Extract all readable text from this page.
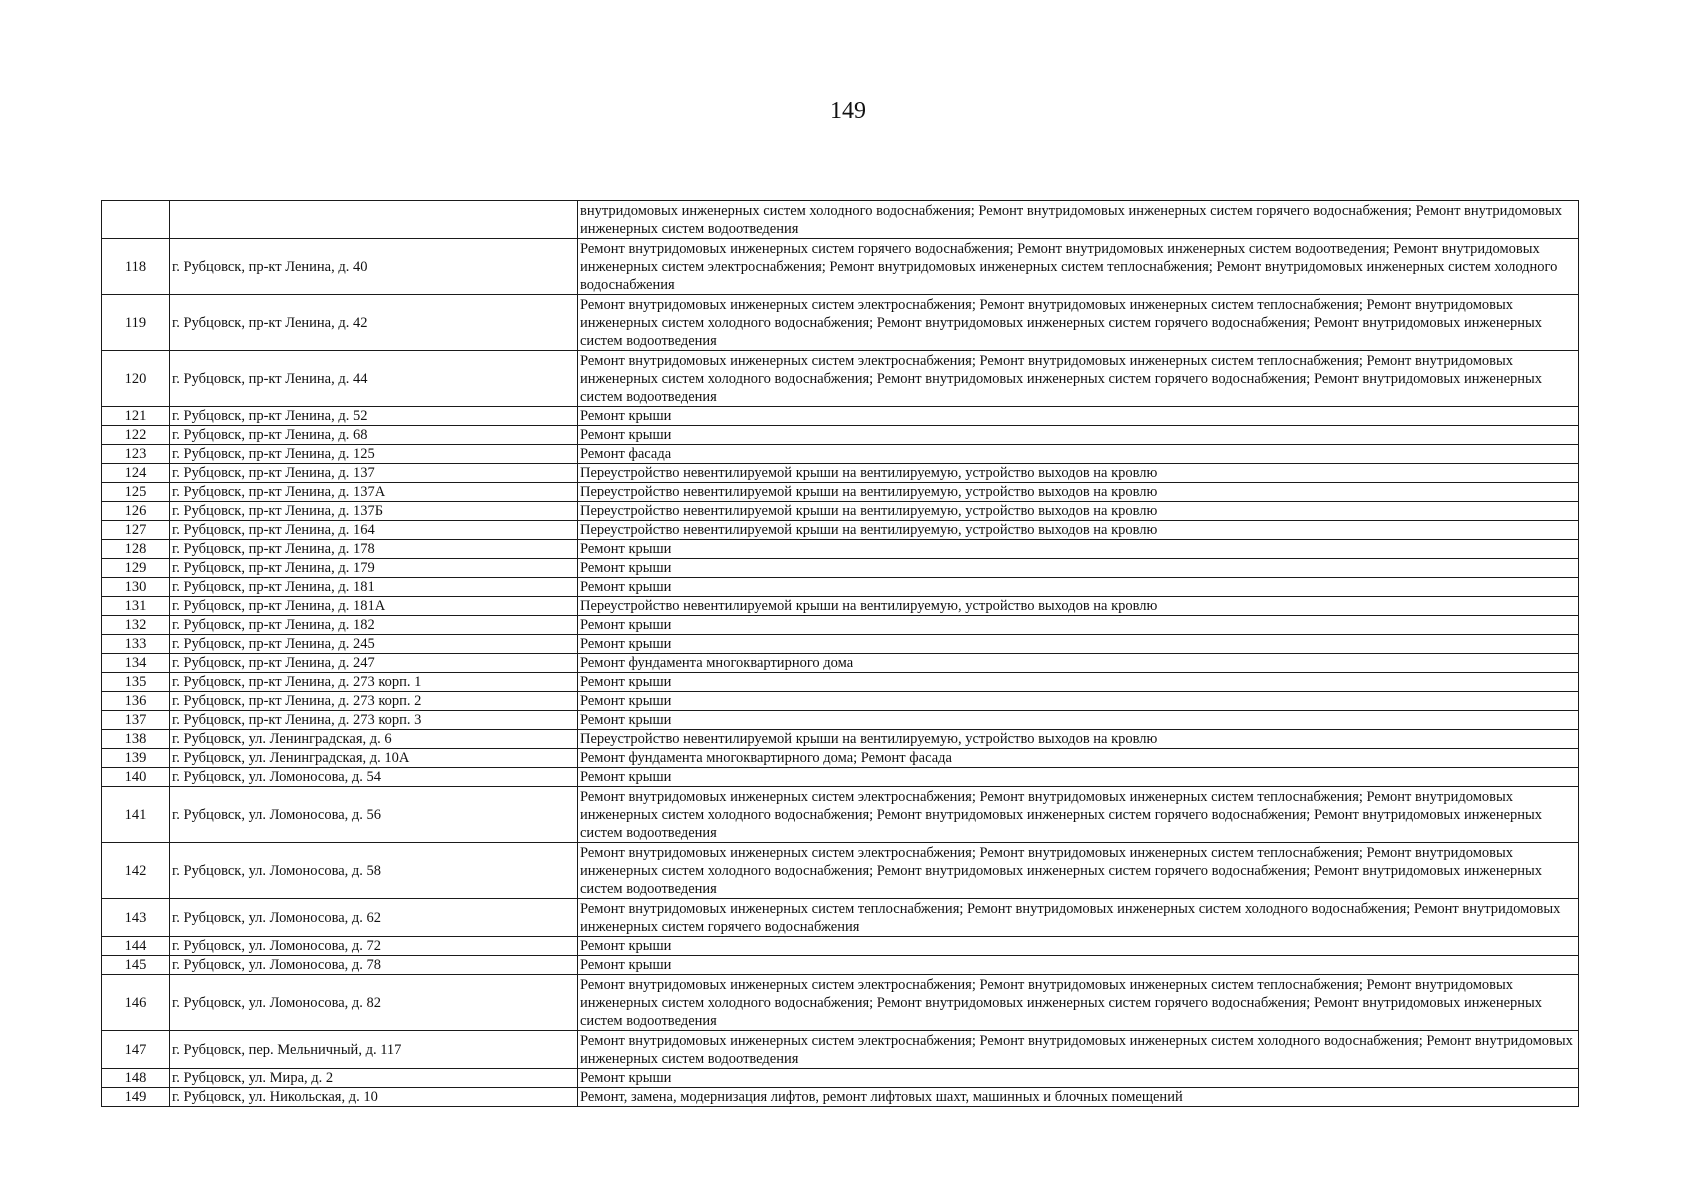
149
		внутридомовых инженерных систем холодного водоснабжения; Ремонт внутридомовых инженерных систем горячего водоснабжения; Ремонт внутридомовых инженерных систем водоотведения
118	г. Рубцовск, пр-кт Ленина, д. 40	Ремонт внутридомовых инженерных систем горячего водоснабжения; Ремонт внутридомовых инженерных систем водоотведения; Ремонт внутридомовых инженерных систем электроснабжения; Ремонт внутридомовых инженерных систем теплоснабжения; Ремонт внутридомовых инженерных систем холодного водоснабжения
119	г. Рубцовск, пр-кт Ленина, д. 42	Ремонт внутридомовых инженерных систем электроснабжения; Ремонт внутридомовых инженерных систем теплоснабжения; Ремонт внутридомовых инженерных систем холодного водоснабжения; Ремонт внутридомовых инженерных систем горячего водоснабжения; Ремонт внутридомовых инженерных систем водоотведения
120	г. Рубцовск, пр-кт Ленина, д. 44	Ремонт внутридомовых инженерных систем электроснабжения; Ремонт внутридомовых инженерных систем теплоснабжения; Ремонт внутридомовых инженерных систем холодного водоснабжения; Ремонт внутридомовых инженерных систем горячего водоснабжения; Ремонт внутридомовых инженерных систем водоотведения
121	г. Рубцовск, пр-кт Ленина, д. 52	Ремонт крыши
122	г. Рубцовск, пр-кт Ленина, д. 68	Ремонт крыши
123	г. Рубцовск, пр-кт Ленина, д. 125	Ремонт фасада
124	г. Рубцовск, пр-кт Ленина, д. 137	Переустройство невентилируемой крыши на вентилируемую, устройство выходов на кровлю
125	г. Рубцовск, пр-кт Ленина, д. 137А	Переустройство невентилируемой крыши на вентилируемую, устройство выходов на кровлю
126	г. Рубцовск, пр-кт Ленина, д. 137Б	Переустройство невентилируемой крыши на вентилируемую, устройство выходов на кровлю
127	г. Рубцовск, пр-кт Ленина, д. 164	Переустройство невентилируемой крыши на вентилируемую, устройство выходов на кровлю
128	г. Рубцовск, пр-кт Ленина, д. 178	Ремонт крыши
129	г. Рубцовск, пр-кт Ленина, д. 179	Ремонт крыши
130	г. Рубцовск, пр-кт Ленина, д. 181	Ремонт крыши
131	г. Рубцовск, пр-кт Ленина, д. 181А	Переустройство невентилируемой крыши на вентилируемую, устройство выходов на кровлю
132	г. Рубцовск, пр-кт Ленина, д. 182	Ремонт крыши
133	г. Рубцовск, пр-кт Ленина, д. 245	Ремонт крыши
134	г. Рубцовск, пр-кт Ленина, д. 247	Ремонт фундамента многоквартирного дома
135	г. Рубцовск, пр-кт Ленина, д. 273 корп. 1	Ремонт крыши
136	г. Рубцовск, пр-кт Ленина, д. 273 корп. 2	Ремонт крыши
137	г. Рубцовск, пр-кт Ленина, д. 273 корп. 3	Ремонт крыши
138	г. Рубцовск, ул. Ленинградская, д. 6	Переустройство невентилируемой крыши на вентилируемую, устройство выходов на кровлю
139	г. Рубцовск, ул. Ленинградская, д. 10А	Ремонт фундамента многоквартирного дома; Ремонт фасада
140	г. Рубцовск, ул. Ломоносова, д. 54	Ремонт крыши
141	г. Рубцовск, ул. Ломоносова, д. 56	Ремонт внутридомовых инженерных систем электроснабжения; Ремонт внутридомовых инженерных систем теплоснабжения; Ремонт внутридомовых инженерных систем холодного водоснабжения; Ремонт внутридомовых инженерных систем горячего водоснабжения; Ремонт внутридомовых инженерных систем водоотведения
142	г. Рубцовск, ул. Ломоносова, д. 58	Ремонт внутридомовых инженерных систем электроснабжения; Ремонт внутридомовых инженерных систем теплоснабжения; Ремонт внутридомовых инженерных систем холодного водоснабжения; Ремонт внутридомовых инженерных систем горячего водоснабжения; Ремонт внутридомовых инженерных систем водоотведения
143	г. Рубцовск, ул. Ломоносова, д. 62	Ремонт внутридомовых инженерных систем теплоснабжения; Ремонт внутридомовых инженерных систем холодного водоснабжения; Ремонт внутридомовых инженерных систем горячего водоснабжения
144	г. Рубцовск, ул. Ломоносова, д. 72	Ремонт крыши
145	г. Рубцовск, ул. Ломоносова, д. 78	Ремонт крыши
146	г. Рубцовск, ул. Ломоносова, д. 82	Ремонт внутридомовых инженерных систем электроснабжения; Ремонт внутридомовых инженерных систем теплоснабжения; Ремонт внутридомовых инженерных систем холодного водоснабжения; Ремонт внутридомовых инженерных систем горячего водоснабжения; Ремонт внутридомовых инженерных систем водоотведения
147	г. Рубцовск, пер. Мельничный, д. 117	Ремонт внутридомовых инженерных систем электроснабжения; Ремонт внутридомовых инженерных систем холодного водоснабжения; Ремонт внутридомовых инженерных систем водоотведения
148	г. Рубцовск, ул. Мира, д. 2	Ремонт крыши
149	г. Рубцовск, ул. Никольская, д. 10	Ремонт, замена, модернизация лифтов, ремонт лифтовых шахт, машинных и блочных помещений
